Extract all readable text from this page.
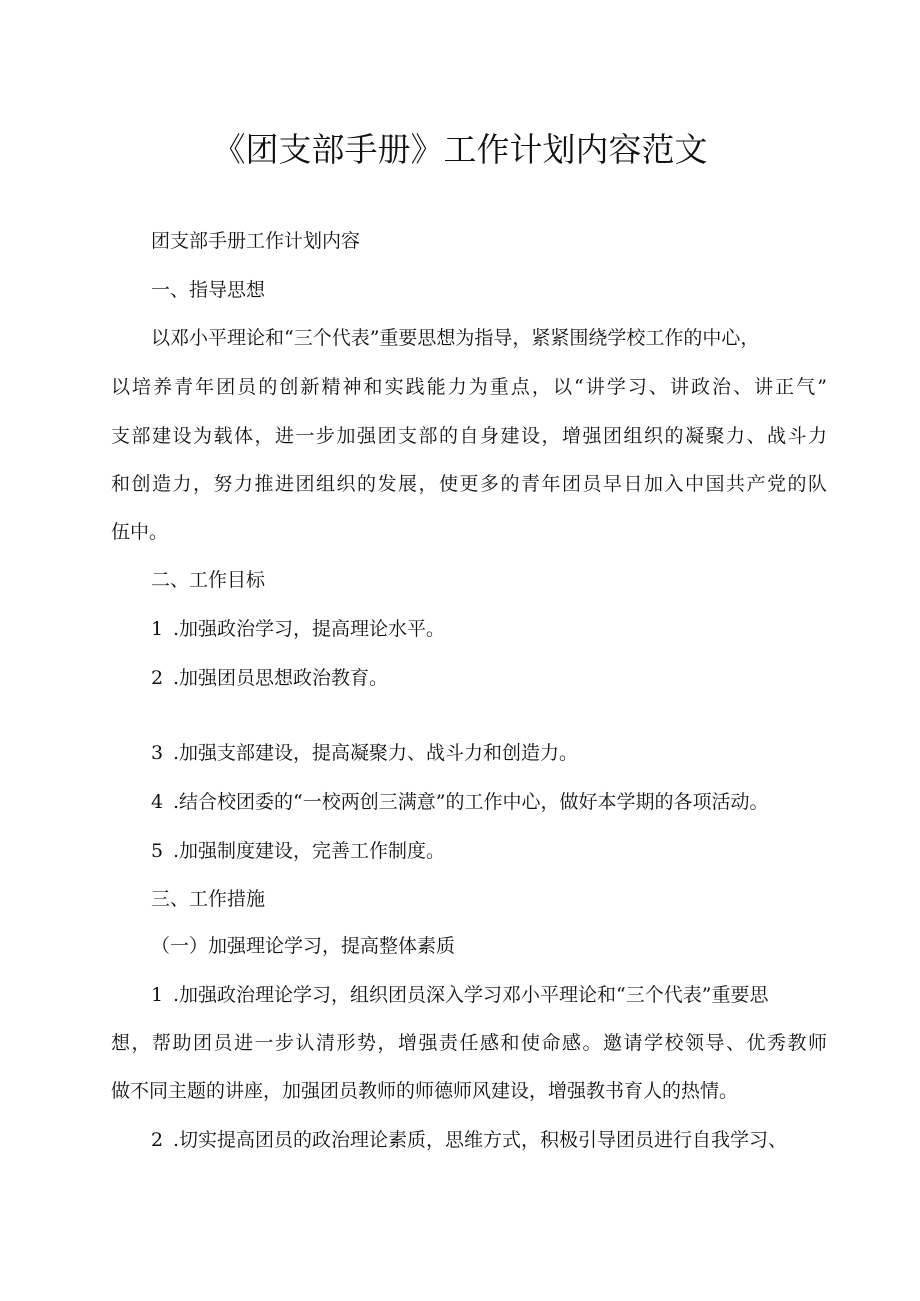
《团支部手册》工作计划内容范文

团支部手册工作计划内容

一、指导思想

以邓小平理论和“三个代表”重要思想为指导，紧紧围绕学校工作的中心，

以培养青年团员的创新精神和实践能力为重点，以“讲学习、讲政治、讲正气”

支部建设为载体，进一步加强团支部的自身建设，增强团组织的凝聚力、战斗力

和创造力，努力推进团组织的发展，使更多的青年团员早日加入中国共产党的队

伍中。

二、工作目标

1 .加强政治学习，提高理论水平。

2 .加强团员思想政治教育。

3 .加强支部建设，提高凝聚力、战斗力和创造力。

4 .结合校团委的“一校两创三满意”的工作中心，做好本学期的各项活动。

5 .加强制度建设，完善工作制度。

三、工作措施

（一）加强理论学习，提高整体素质

1 .加强政治理论学习，组织团员深入学习邓小平理论和“三个代表”重要思

想，帮助团员进一步认清形势，增强责任感和使命感。邀请学校领导、优秀教师

做不同主题的讲座，加强团员教师的师德师风建设，增强教书育人的热情。

2 .切实提高团员的政治理论素质，思维方式，积极引导团员进行自我学习、
